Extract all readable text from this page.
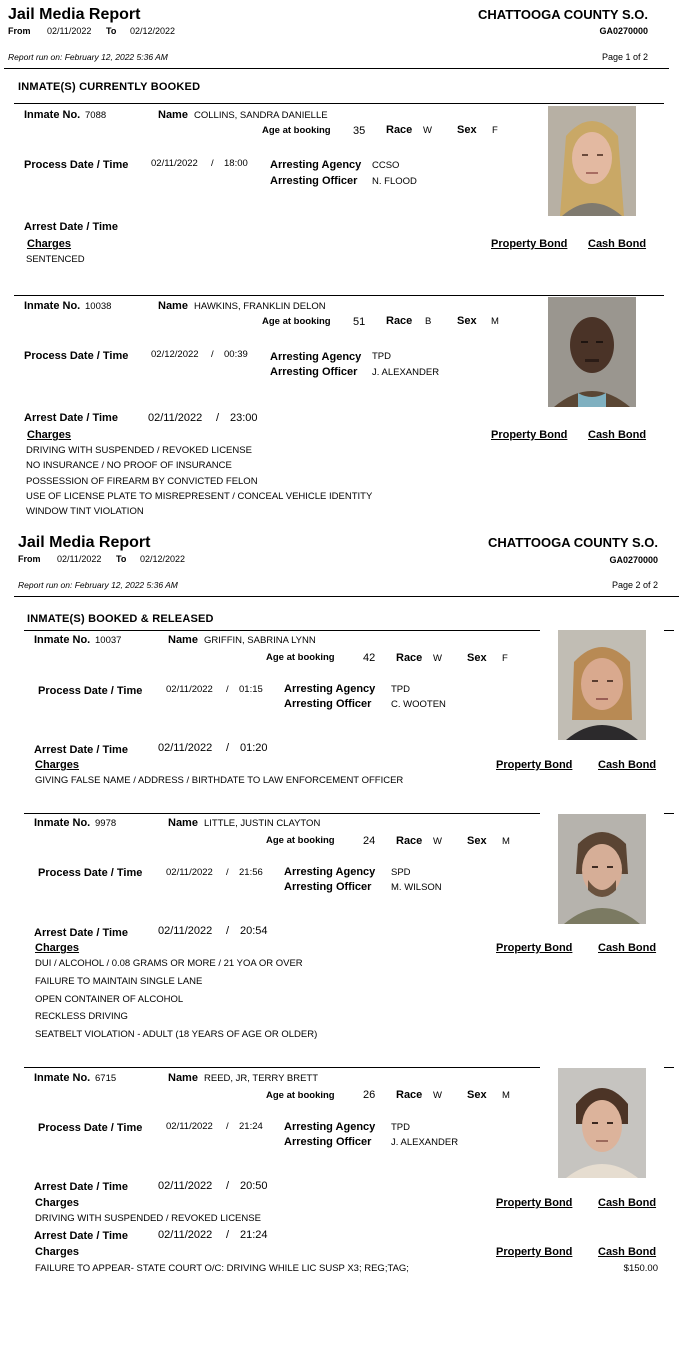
Jail Media Report	CHATTOOGA COUNTY S.O.
From 02/11/2022 To 02/12/2022	GA0270000
Report run on: February 12, 2022 5:36 AM	Page 1 of 2
INMATE(S) CURRENTLY BOOKED
Inmate No. 7088	Name COLLINS, SANDRA DANIELLE
Age at booking 35 Race W Sex F
Process Date / Time 02/11/2022 / 18:00 Arresting Agency CCSO
Arresting Officer N. FLOOD
Arrest Date / Time
Charges	Property Bond Cash Bond
SENTENCED
Inmate No. 10038	Name HAWKINS, FRANKLIN DELON
Age at booking 51 Race B Sex M
Process Date / Time 02/12/2022 / 00:39 Arresting Agency TPD
Arresting Officer J. ALEXANDER
Arrest Date / Time	02/11/2022 / 23:00
Charges	Property Bond Cash Bond
DRIVING WITH SUSPENDED / REVOKED LICENSE
NO INSURANCE / NO PROOF OF INSURANCE
POSSESSION OF FIREARM BY CONVICTED FELON
USE OF LICENSE PLATE TO MISREPRESENT / CONCEAL VEHICLE IDENTITY
WINDOW TINT VIOLATION
Jail Media Report	CHATTOOGA COUNTY S.O.
From 02/11/2022 To 02/12/2022	GA0270000
Report run on: February 12, 2022 5:36 AM	Page 2 of 2
INMATE(S) BOOKED & RELEASED
Inmate No. 10037	Name GRIFFIN, SABRINA LYNN
Age at booking	42 Race W Sex F
Process Date / Time 02/11/2022 / 01:15 Arresting Agency TPD
Arresting Officer C. WOOTEN
Arrest Date / Time	02/11/2022 / 01:20
Charges	Property Bond Cash Bond
GIVING FALSE NAME / ADDRESS / BIRTHDATE TO LAW ENFORCEMENT OFFICER
Inmate No. 9978	Name LITTLE, JUSTIN CLAYTON
Age at booking	24 Race W Sex M
Process Date / Time 02/11/2022 / 21:56 Arresting Agency SPD
Arresting Officer M. WILSON
Arrest Date / Time	02/11/2022 / 20:54
Charges	Property Bond Cash Bond
DUI / ALCOHOL / 0.08 GRAMS OR MORE / 21 YOA OR OVER
FAILURE TO MAINTAIN SINGLE LANE
OPEN CONTAINER OF ALCOHOL
RECKLESS DRIVING
SEATBELT VIOLATION - ADULT (18 YEARS OF AGE OR OLDER)
Inmate No. 6715	Name REED, JR, TERRY BRETT
Age at booking	26 Race W Sex M
Process Date / Time 02/11/2022 / 21:24 Arresting Agency TPD
Arresting Officer J. ALEXANDER
Arrest Date / Time	02/11/2022 / 20:50
Charges	Property Bond Cash Bond
DRIVING WITH SUSPENDED / REVOKED LICENSE
Arrest Date / Time	02/11/2022 / 21:24
Charges	Property Bond Cash Bond
FAILURE TO APPEAR- STATE COURT O/C: DRIVING WHILE LIC SUSP X3; REG;TAG;	$150.00
